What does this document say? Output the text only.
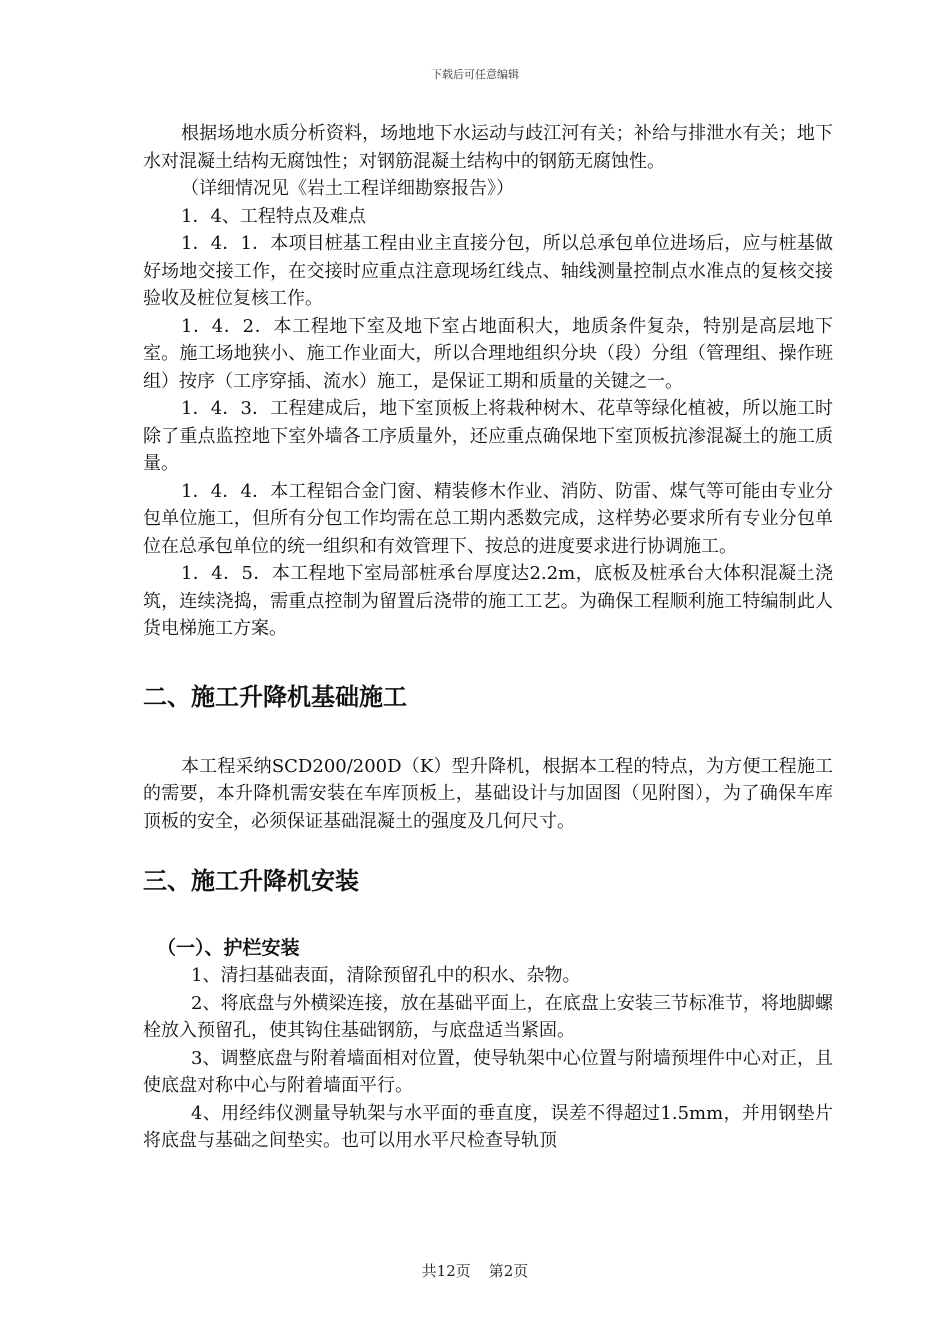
下载后可任意编辑

根据场地水质分析资料，场地地下水运动与歧江河有关；补给与排泄水有关；地下水对混凝土结构无腐蚀性；对钢筋混凝土结构中的钢筋无腐蚀性。

（详细情况见《岩土工程详细勘察报告》）

1．4、工程特点及难点

1．4．1．本项目桩基工程由业主直接分包，所以总承包单位进场后，应与桩基做好场地交接工作，在交接时应重点注意现场红线点、轴线测量控制点水准点的复核交接验收及桩位复核工作。

1．4．2．本工程地下室及地下室占地面积大，地质条件复杂，特别是高层地下室。施工场地狭小、施工作业面大，所以合理地组织分块（段）分组（管理组、操作班组）按序（工序穿插、流水）施工，是保证工期和质量的关键之一。

1．4．3．工程建成后，地下室顶板上将栽种树木、花草等绿化植被，所以施工时除了重点监控地下室外墙各工序质量外，还应重点确保地下室顶板抗渗混凝土的施工质量。

1．4．4．本工程铝合金门窗、精装修木作业、消防、防雷、煤气等可能由专业分包单位施工，但所有分包工作均需在总工期内悉数完成，这样势必要求所有专业分包单位在总承包单位的统一组织和有效管理下、按总的进度要求进行协调施工。

1．4．5．本工程地下室局部桩承台厚度达2.2m，底板及桩承台大体积混凝土浇筑，连续浇捣，需重点控制为留置后浇带的施工工艺。为确保工程顺利施工特编制此人货电梯施工方案。

二、施工升降机基础施工

本工程采纳SCD200/200D（K）型升降机，根据本工程的特点，为方便工程施工的需要，本升降机需安装在车库顶板上，基础设计与加固图（见附图），为了确保车库顶板的安全，必须保证基础混凝土的强度及几何尺寸。

三、施工升降机安装
（一）、护栏安装

1、清扫基础表面，清除预留孔中的积水、杂物。

2、将底盘与外横梁连接，放在基础平面上，在底盘上安装三节标准节，将地脚螺栓放入预留孔，使其钩住基础钢筋，与底盘适当紧固。

3、调整底盘与附着墙面相对位置，使导轨架中心位置与附墙预埋件中心对正，且使底盘对称中心与附着墙面平行。

4、用经纬仪测量导轨架与水平面的垂直度，误差不得超过1.5mm，并用钢垫片将底盘与基础之间垫实。也可以用水平尺检查导轨顶

共12页 第2页
